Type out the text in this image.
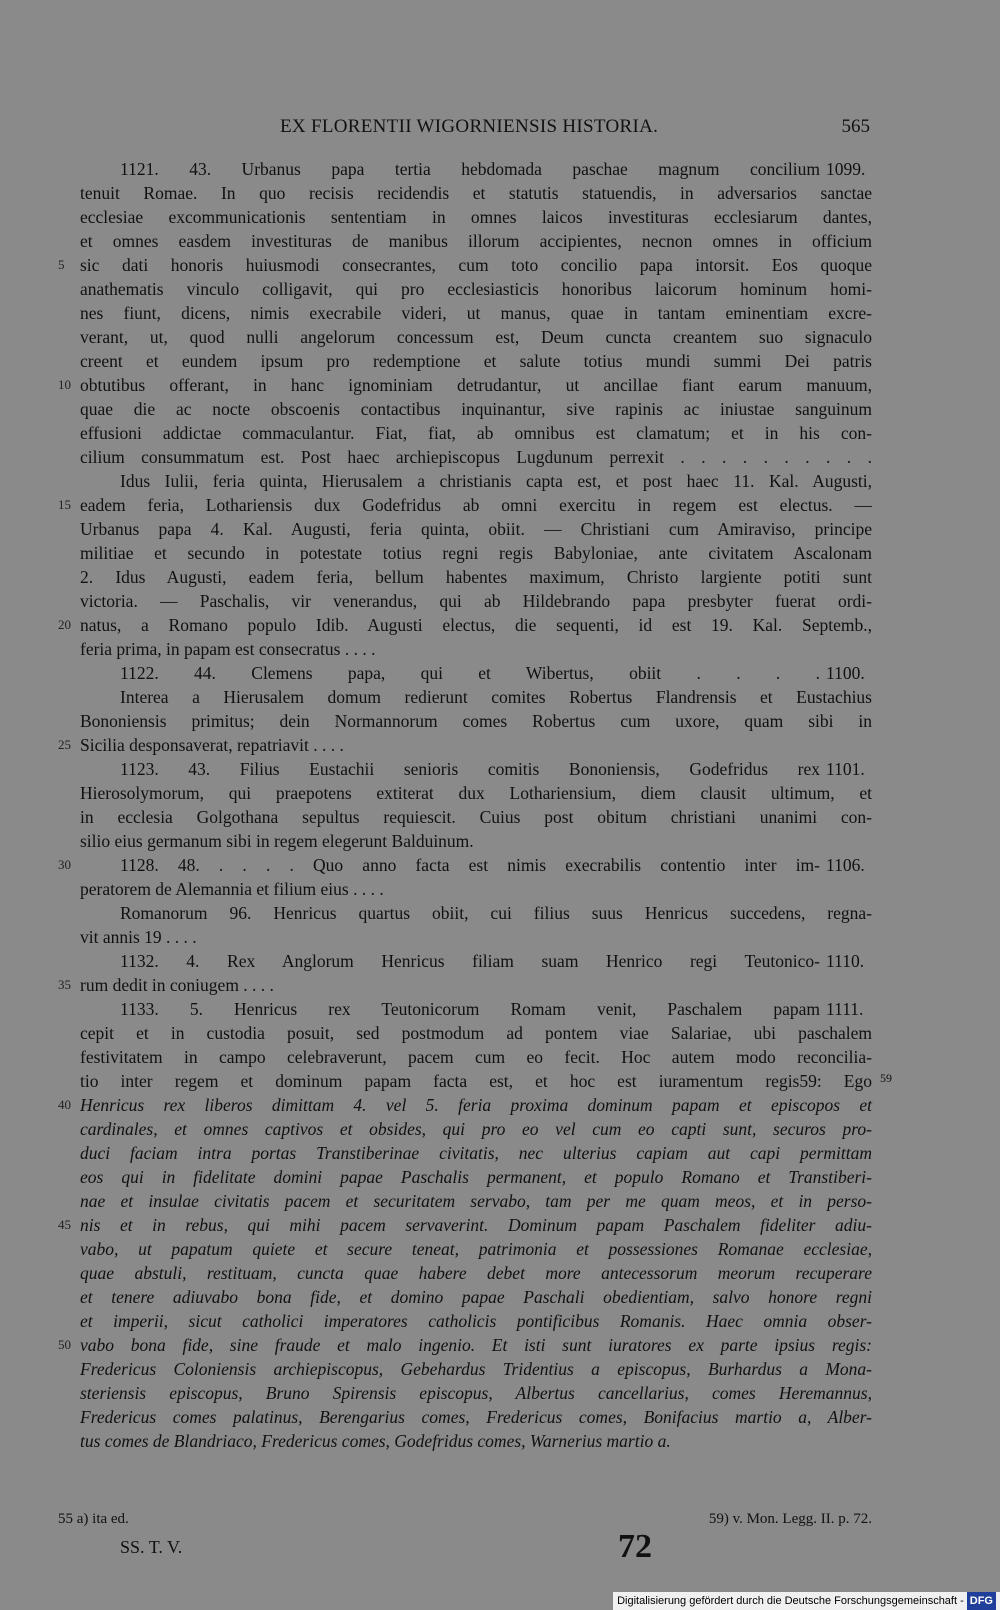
EX FLORENTII WIGORNIENSIS HISTORIA.	565
1121. 43. Urbanus papa tertia hebdomada paschae magnum concilium 1099.
tenuit Romae. In quo recisis recidendis et statutis statuendis, in adversarios sanctae
ecclesiae excommunicationis sententiam in omnes laicos investituras ecclesiarum dantes,
et omnes easdem investituras de manibus illorum accipientes, necnon omnes in officium
5 sic dati honoris huiusmodi consecrantes, cum toto concilio papa intorsit. Eos quoque
anathematis vinculo colligavit, qui pro ecclesiasticis honoribus laicorum hominum homi-
nes fiunt, dicens, nimis execrabile videri, ut manus, quae in tantam eminentiam excre-
verant, ut, quod nulli angelorum concessum est, Deum cuncta creantem suo signaculo
creent et eundem ipsum pro redemptione et salute totius mundi summi Dei patris
10 obtutibus offerant, in hanc ignominiam detrudantur, ut ancillae fiant earum manuum,
quae die ac nocte obscoenis contactibus inquinantur, sive rapinis ac iniustae sanguinum
effusioni addictae commaculantur. Fiat, fiat, ab omnibus est clamatum; et in his con-
cilium consummatum est. Post haec archiepiscopus Lugdunum perrexit . . . . . . . . . .
Idus Iulii, feria quinta, Hierusalem a christianis capta est, et post haec 11. Kal. Augusti,
15 eadem feria, Lothariensis dux Godefridus ab omni exercitu in regem est electus. —
Urbanus papa 4. Kal. Augusti, feria quinta, obiit. — Christiani cum Amiraviso, principe
militiae et secundo in potestate totius regni regis Babyloniae, ante civitatem Ascalonam
2. Idus Augusti, eadem feria, bellum habentes maximum, Christo largiente potiti sunt
victoria. — Paschalis, vir venerandus, qui ab Hildebrando papa presbyter fuerat ordi-
20 natus, a Romano populo Idib. Augusti electus, die sequenti, id est 19. Kal. Septemb.,
feria prima, in papam est consecratus . . . .
1122. 44. Clemens papa, qui et Wibertus, obiit . . . . 1100.
Interea a Hierusalem domum redierunt comites Robertus Flandrensis et Eustachius
Bononiensis primitus; dein Normannorum comes Robertus cum uxore, quam sibi in
25 Sicilia desponsaverat, repatriavit . . . .
1123. 43. Filius Eustachii senioris comitis Bononiensis, Godefridus rex 1101.
Hierosolymorum, qui praepotens extiterat dux Lothariensium, diem clausit ultimum, et
in ecclesia Golgothana sepultus requiescit. Cuius post obitum christiani unanimi con-
silio eius germanum sibi in regem elegerunt Balduinum.
30	1128. 48. . . . . Quo anno facta est nimis execrabilis contentio inter im- 1106.
peratorem de Alemannia et filium eius . . . .
Romanorum 96. Henricus quartus obiit, cui filius suus Henricus succedens, regna-
vit annis 19 . . . .
1132. 4. Rex Anglorum Henricus filiam suam Henrico regi Teutonico- 1110.
35 rum dedit in coniugem . . . .
1133. 5. Henricus rex Teutonicorum Romam venit, Paschalem papam 1111.
cepit et in custodia posuit, sed postmodum ad pontem viae Salariae, ubi paschalem
festivitatem in campo celebraverunt, pacem cum eo fecit. Hoc autem modo reconcilia-
tio inter regem et dominum papam facta est, et hoc est iuramentum regis59: Ego 59
40 Henricus rex liberos dimittam 4. vel 5. feria proxima dominum papam et episcopos et
cardinales, et omnes captivos et obsides, qui pro eo vel cum eo capti sunt, securos pro-
duci faciam intra portas Transtiberinae civitatis, nec ulterius capiam aut capi permittam
eos qui in fidelitate domini papae Paschalis permanent, et populo Romano et Transtiberi-
nae et insulae civitatis pacem et securitatem servabo, tam per me quam meos, et in perso-
45 nis et in rebus, qui mihi pacem servaverint. Dominum papam Paschalem fideliter adiu-
vabo, ut papatum quiete et secure teneat, patrimonia et possessiones Romanae ecclesiae,
quae abstuli, restituam, cuncta quae habere debet more antecessorum meorum recuperare
et tenere adiuvabo bona fide, et domino papae Paschali obedientiam, salvo honore regni
et imperii, sicut catholici imperatores catholicis pontificibus Romanis. Haec omnia obser-
50 vabo bona fide, sine fraude et malo ingenio. Et isti sunt iuratores ex parte ipsius regis:
Fredericus Coloniensis archiepiscopus, Gebehardus Tridentius a episcopus, Burhardus a Mona-
steriensis episcopus, Bruno Spirensis episcopus, Albertus cancellarius, comes Heremannus,
Fredericus comes palatinus, Berengarius comes, Fredericus comes, Bonifacius martio a, Alber-
tus comes de Blandriaco, Fredericus comes, Godefridus comes, Warnerius martio a.
55 a) ita ed.	59) v. Mon. Legg. II. p. 72.
SS. T. V.	72
Digitalisierung gefördert durch die Deutsche Forschungsgemeinschaft - DFG
